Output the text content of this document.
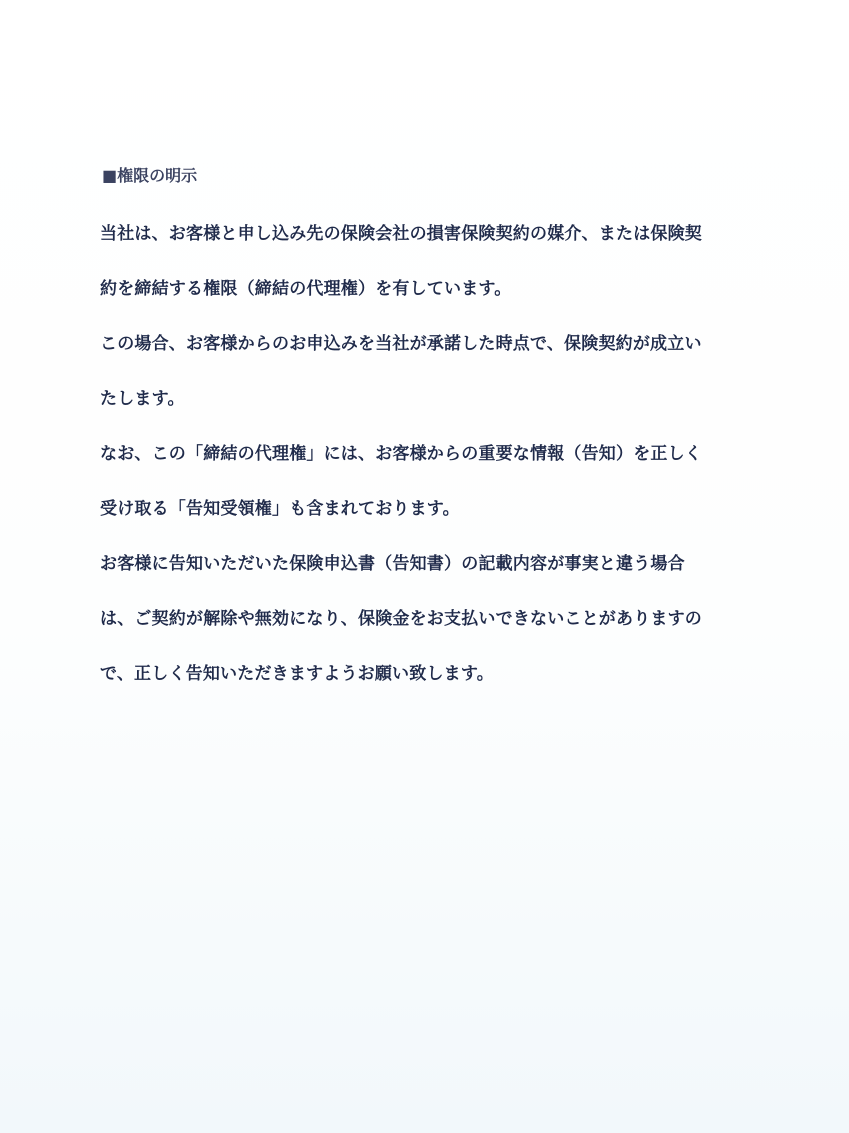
■権限の明示
当社は、お客様と申し込み先の保険会社の損害保険契約の媒介、または保険契
約を締結する権限（締結の代理権）を有しています。
この場合、お客様からのお申込みを当社が承諾した時点で、保険契約が成立い
たします。
なお、この「締結の代理権」には、お客様からの重要な情報（告知）を正しく
受け取る「告知受領権」も含まれております。
お客様に告知いただいた保険申込書（告知書）の記載内容が事実と違う場合
は、ご契約が解除や無効になり、保険金をお支払いできないことがありますの
で、正しく告知いただきますようお願い致します。
